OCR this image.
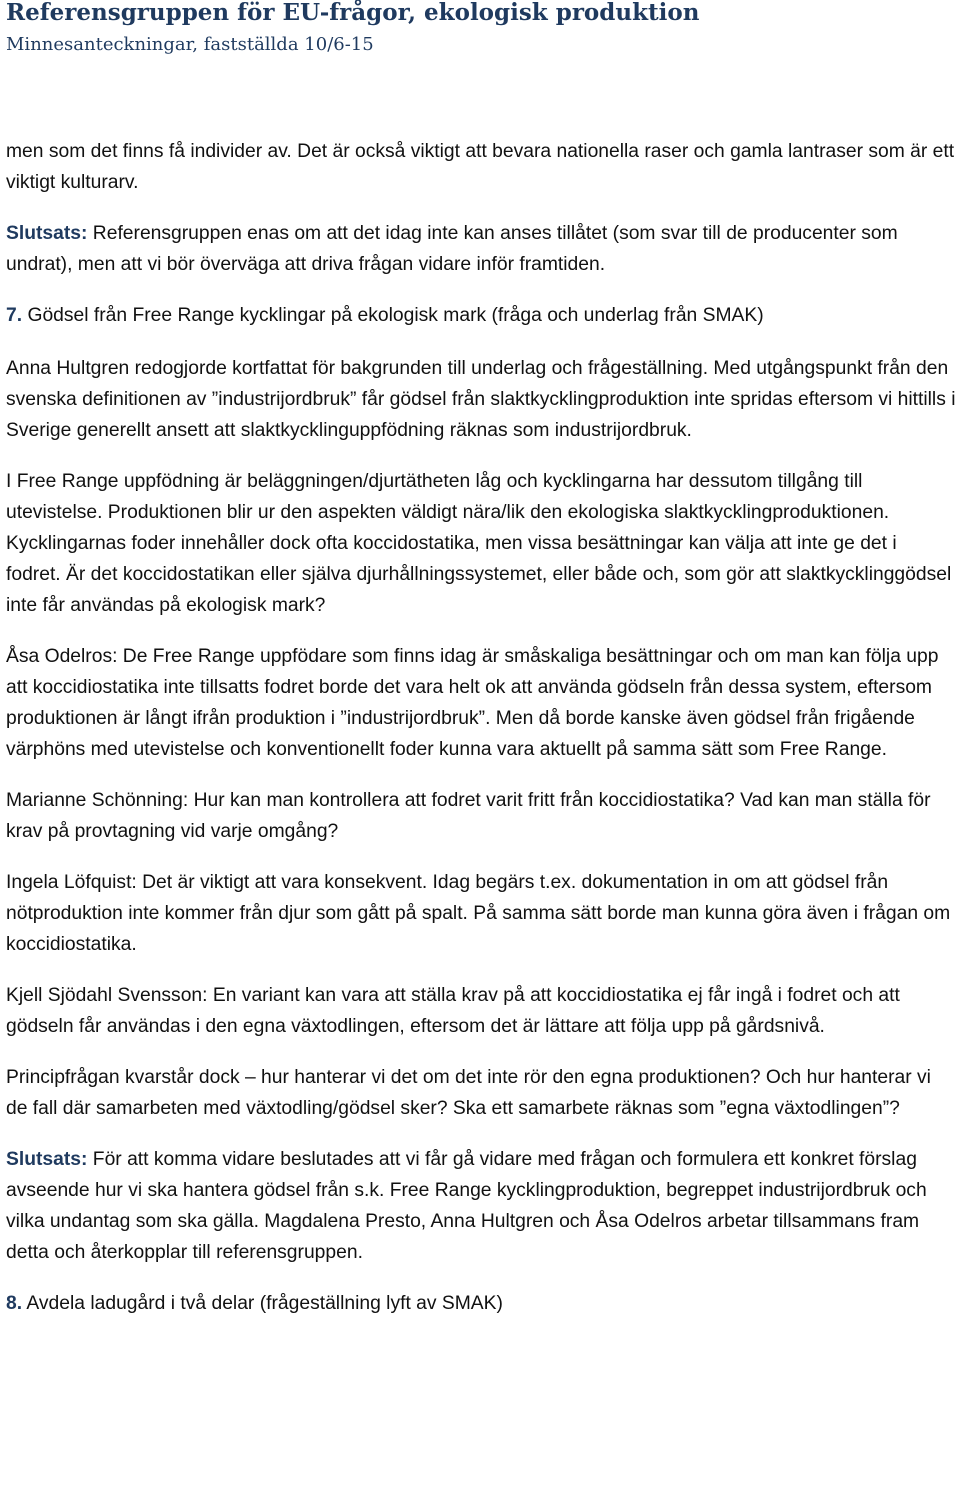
Referensgruppen för EU-frågor, ekologisk produktion
Minnesanteckningar, fastställda 10/6-15

men som det finns få individer av. Det är också viktigt att bevara nationella raser och gamla lantraser som är ett viktigt kulturarv.

Slutsats: Referensgruppen enas om att det idag inte kan anses tillåtet (som svar till de producenter som undrat), men att vi bör överväga att driva frågan vidare inför framtiden.

7. Gödsel från Free Range kycklingar på ekologisk mark (fråga och underlag från SMAK)

Anna Hultgren redogjorde kortfattat för bakgrunden till underlag och frågeställning. Med utgångspunkt från den svenska definitionen av ”industrijordbruk” får gödsel från slaktkycklingproduktion inte spridas eftersom vi hittills i Sverige generellt ansett att slaktkycklinguppfödning räknas som industrijordbruk.

I Free Range uppfödning är beläggningen/djurtätheten låg och kycklingarna har dessutom tillgång till utevistelse. Produktionen blir ur den aspekten väldigt nära/lik den ekologiska slaktkycklingproduktionen. Kycklingarnas foder innehåller dock ofta koccidostatika, men vissa besättningar kan välja att inte ge det i fodret. Är det koccidostatikan eller själva djurhållningssystemet, eller både och, som gör att slaktkycklinggödsel inte får användas på ekologisk mark?

Åsa Odelros: De Free Range uppfödare som finns idag är småskaliga besättningar och om man kan följa upp att koccidiostatika inte tillsatts fodret borde det vara helt ok att använda gödseln från dessa system, eftersom produktionen är långt ifrån produktion i ”industrijordbruk”. Men då borde kanske även gödsel från frigående värphöns med utevistelse och konventionellt foder kunna vara aktuellt på samma sätt som Free Range.

Marianne Schönning: Hur kan man kontrollera att fodret varit fritt från koccidiostatika? Vad kan man ställa för krav på provtagning vid varje omgång?

Ingela Löfquist: Det är viktigt att vara konsekvent. Idag begärs t.ex. dokumentation in om att gödsel från nötproduktion inte kommer från djur som gått på spalt. På samma sätt borde man kunna göra även i frågan om koccidiostatika.

Kjell Sjödahl Svensson: En variant kan vara att ställa krav på att koccidiostatika ej får ingå i fodret och att gödseln får användas i den egna växtodlingen, eftersom det är lättare att följa upp på gårdsnivå.

Principfrågan kvarstår dock – hur hanterar vi det om det inte rör den egna produktionen? Och hur hanterar vi de fall där samarbeten med växtodling/gödsel sker? Ska ett samarbete räknas som ”egna växtodlingen”?

Slutsats: För att komma vidare beslutades att vi får gå vidare med frågan och formulera ett konkret förslag avseende hur vi ska hantera gödsel från s.k. Free Range kycklingproduktion, begreppet industrijordbruk och vilka undantag som ska gälla. Magdalena Presto, Anna Hultgren och Åsa Odelros arbetar tillsammans fram detta och återkopplar till referensgruppen.

8. Avdela ladugård i två delar (frågeställning lyft av SMAK)
